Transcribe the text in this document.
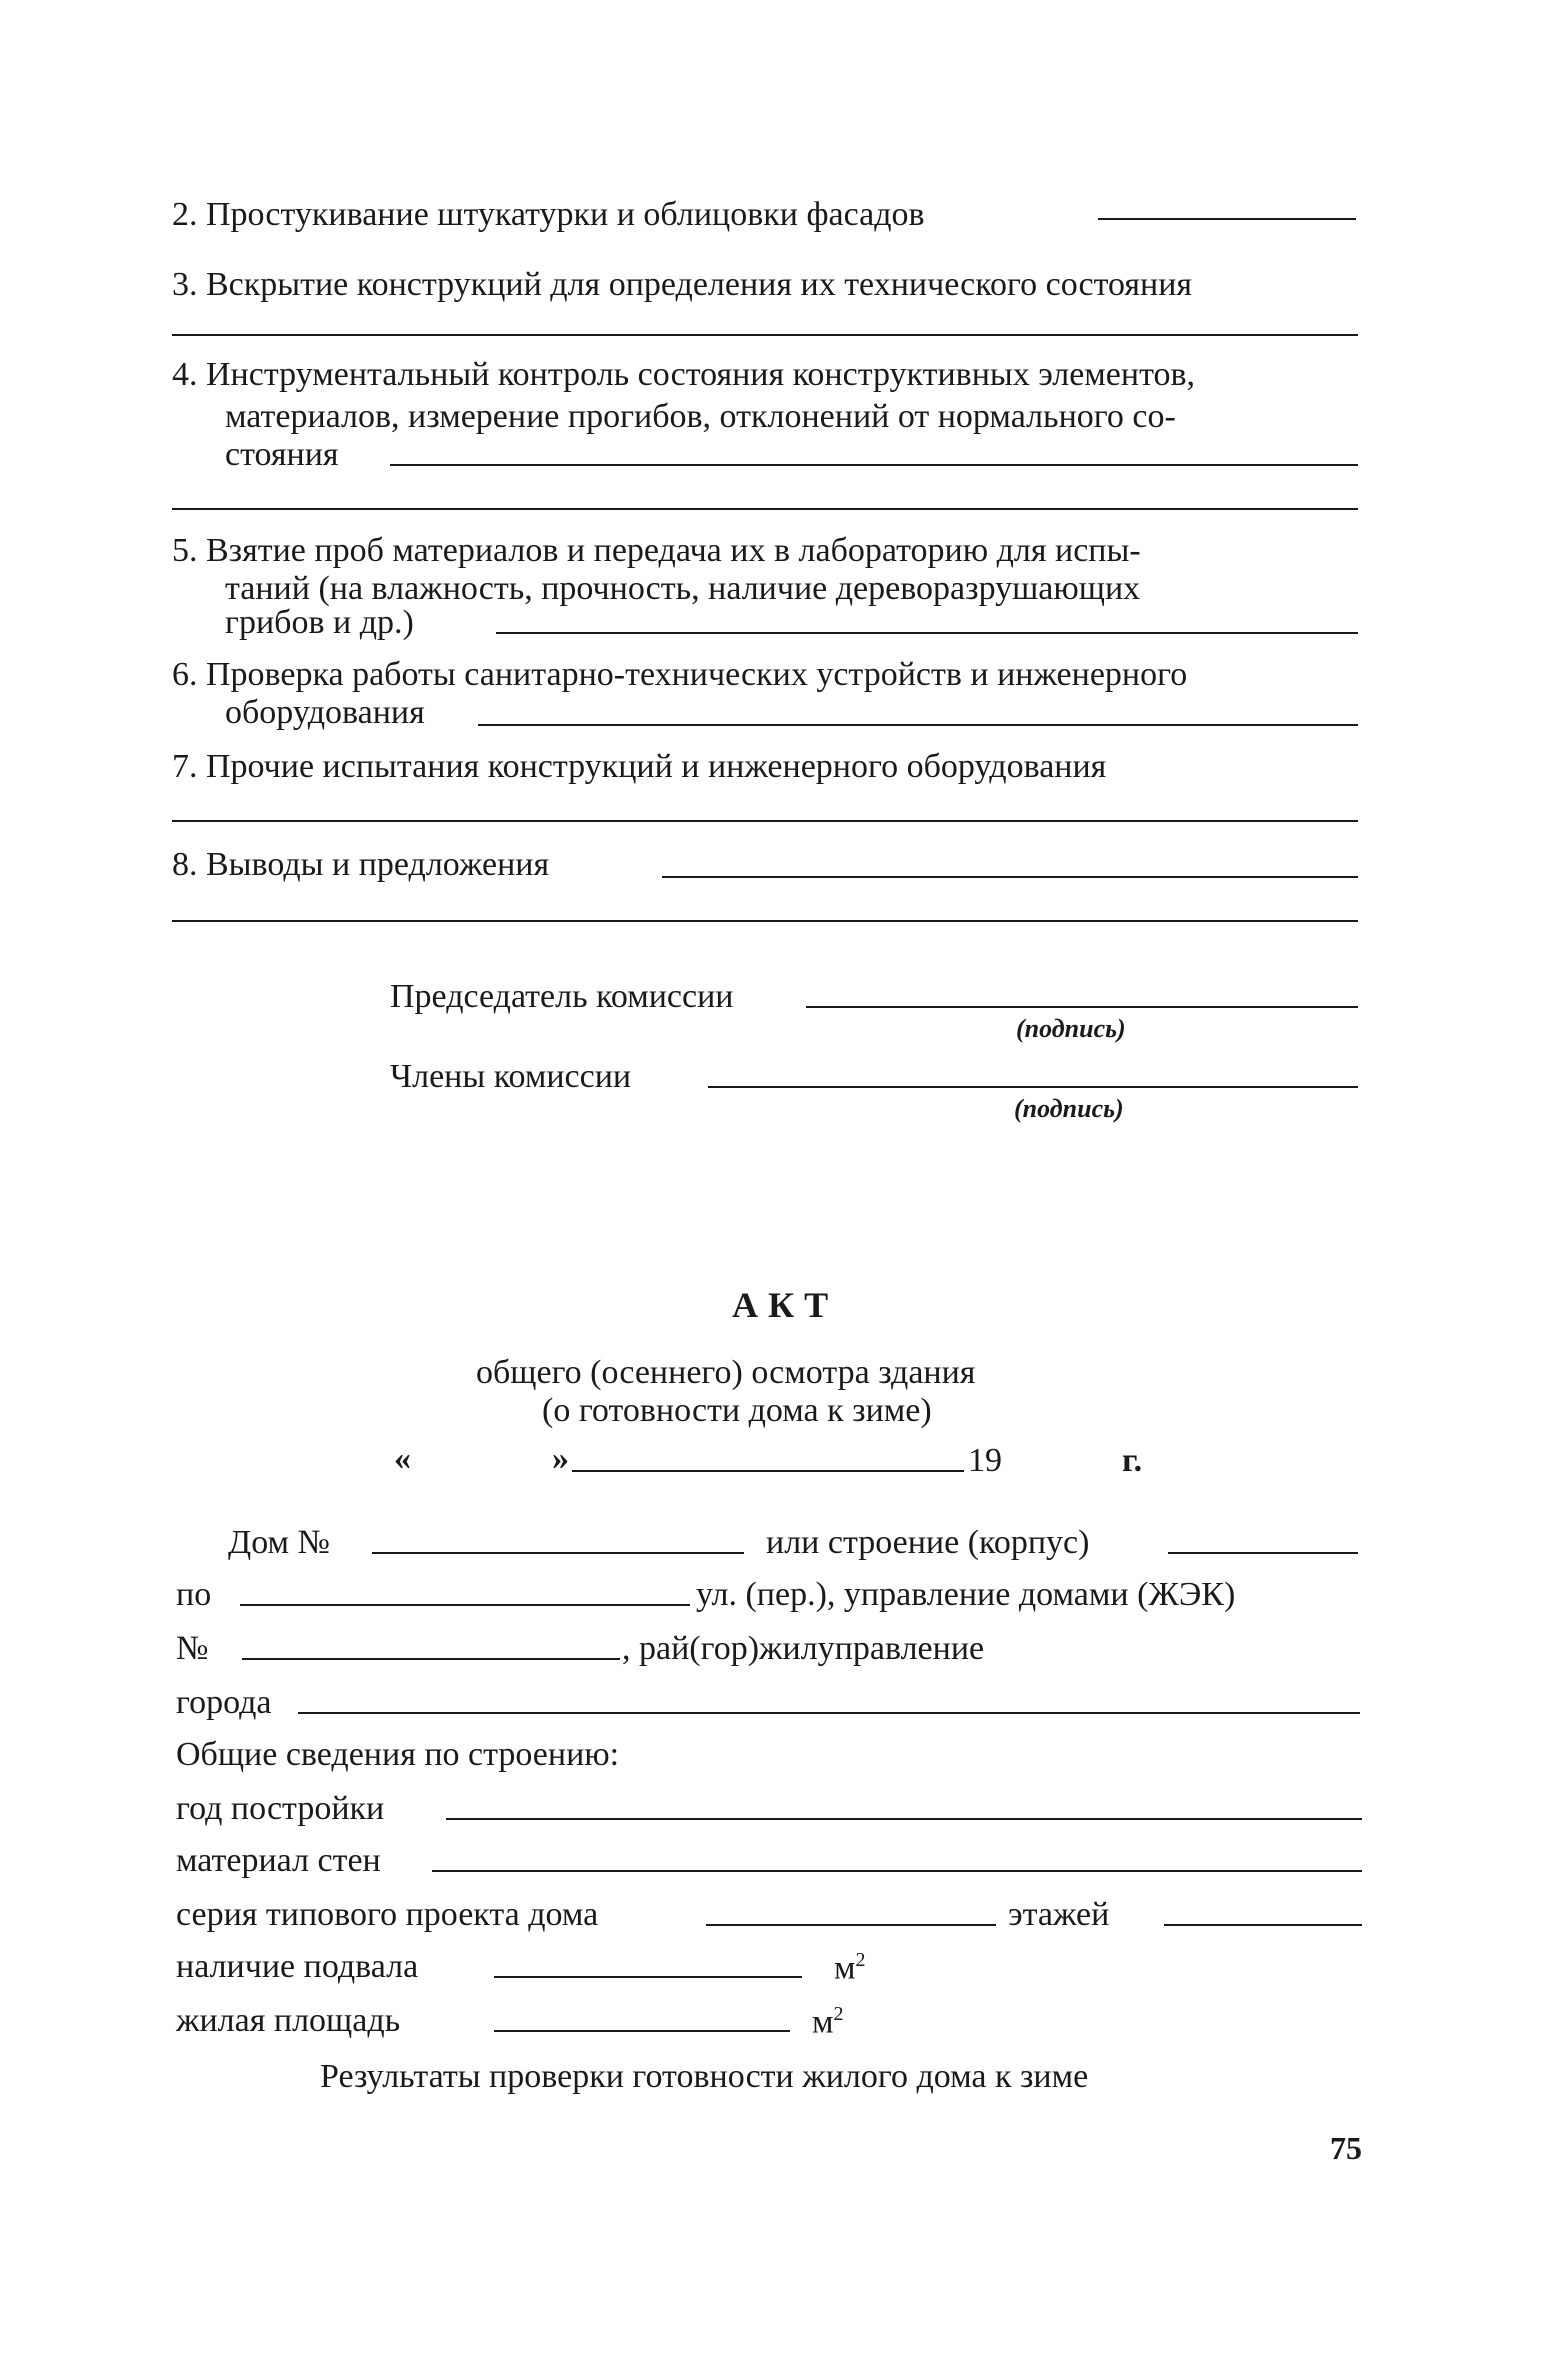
2. Простукивание штукатурки и облицовки фасадов
3. Вскрытие конструкций для определения их технического состояния
4. Инструментальный контроль состояния конструктивных элементов,
материалов, измерение прогибов, отклонений от нормального со-
стояния
5. Взятие проб материалов и передача их в лабораторию для испы-
таний (на влажность, прочность, наличие дереворазрушающих
грибов и др.)
6. Проверка работы санитарно-технических устройств и инженерного
оборудования
7. Прочие испытания конструкций и инженерного оборудования
8. Выводы и предложения
Председатель комиссии
(подпись)
Члены комиссии
(подпись)
АКТ
общего (осеннего) осмотра здания
(о готовности дома к зиме)
«	»	19	г.
Дом №	или строение (корпус)
по	ул. (пер.), управление домами (ЖЭК)
№	, рай(гор)жилуправление
города
Общие сведения по строению:
год постройки
материал стен
серия типового проекта дома	этажей
наличие подвала	$м^2$
жилая площадь	$м^2$
Результаты проверки готовности жилого дома к зиме
75
